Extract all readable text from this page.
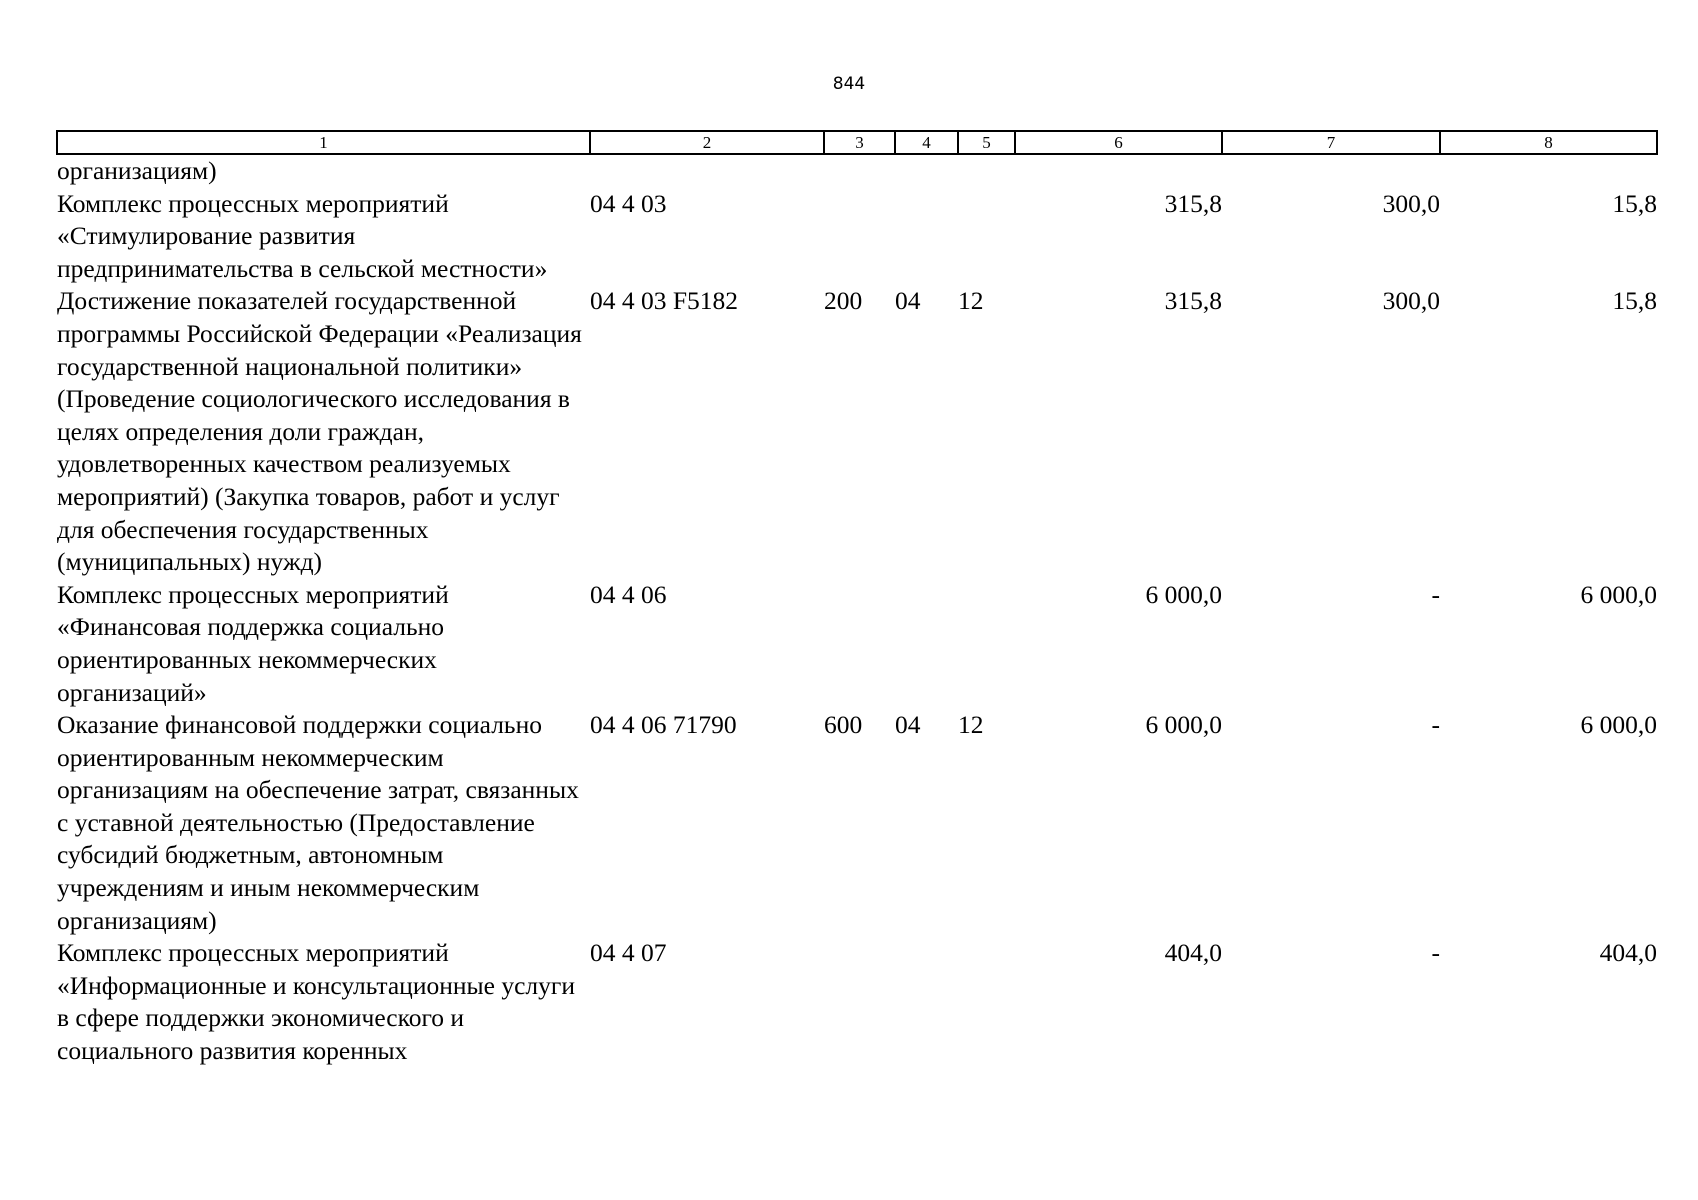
844
1	2	3	4	5	6	7	8
организациям)							
Комплекс процессных мероприятий «Стимулирование развития предпринимательства в сельской местности»	04 4 03				315,8	300,0	15,8
Достижение показателей государственной программы Российской Федерации «Реализация государственной национальной политики» (Проведение социологического исследования в целях определения доли граждан, удовлетворенных качеством реализуемых мероприятий) (Закупка товаров, работ и услуг для обеспечения государственных (муниципальных) нужд)	04 4 03 F5182	200	04	12	315,8	300,0	15,8
Комплекс процессных мероприятий «Финансовая поддержка социально ориентированных некоммерческих организаций»	04 4 06				6 000,0	-	6 000,0
Оказание финансовой поддержки социально ориентированным некоммерческим организациям на обеспечение затрат, связанных с уставной деятельностью (Предоставление субсидий бюджетным, автономным учреждениям и иным некоммерческим организациям)	04 4 06 71790	600	04	12	6 000,0	-	6 000,0
Комплекс процессных мероприятий «Информационные и консультационные услуги в сфере поддержки экономического и социального развития коренных	04 4 07				404,0	-	404,0
